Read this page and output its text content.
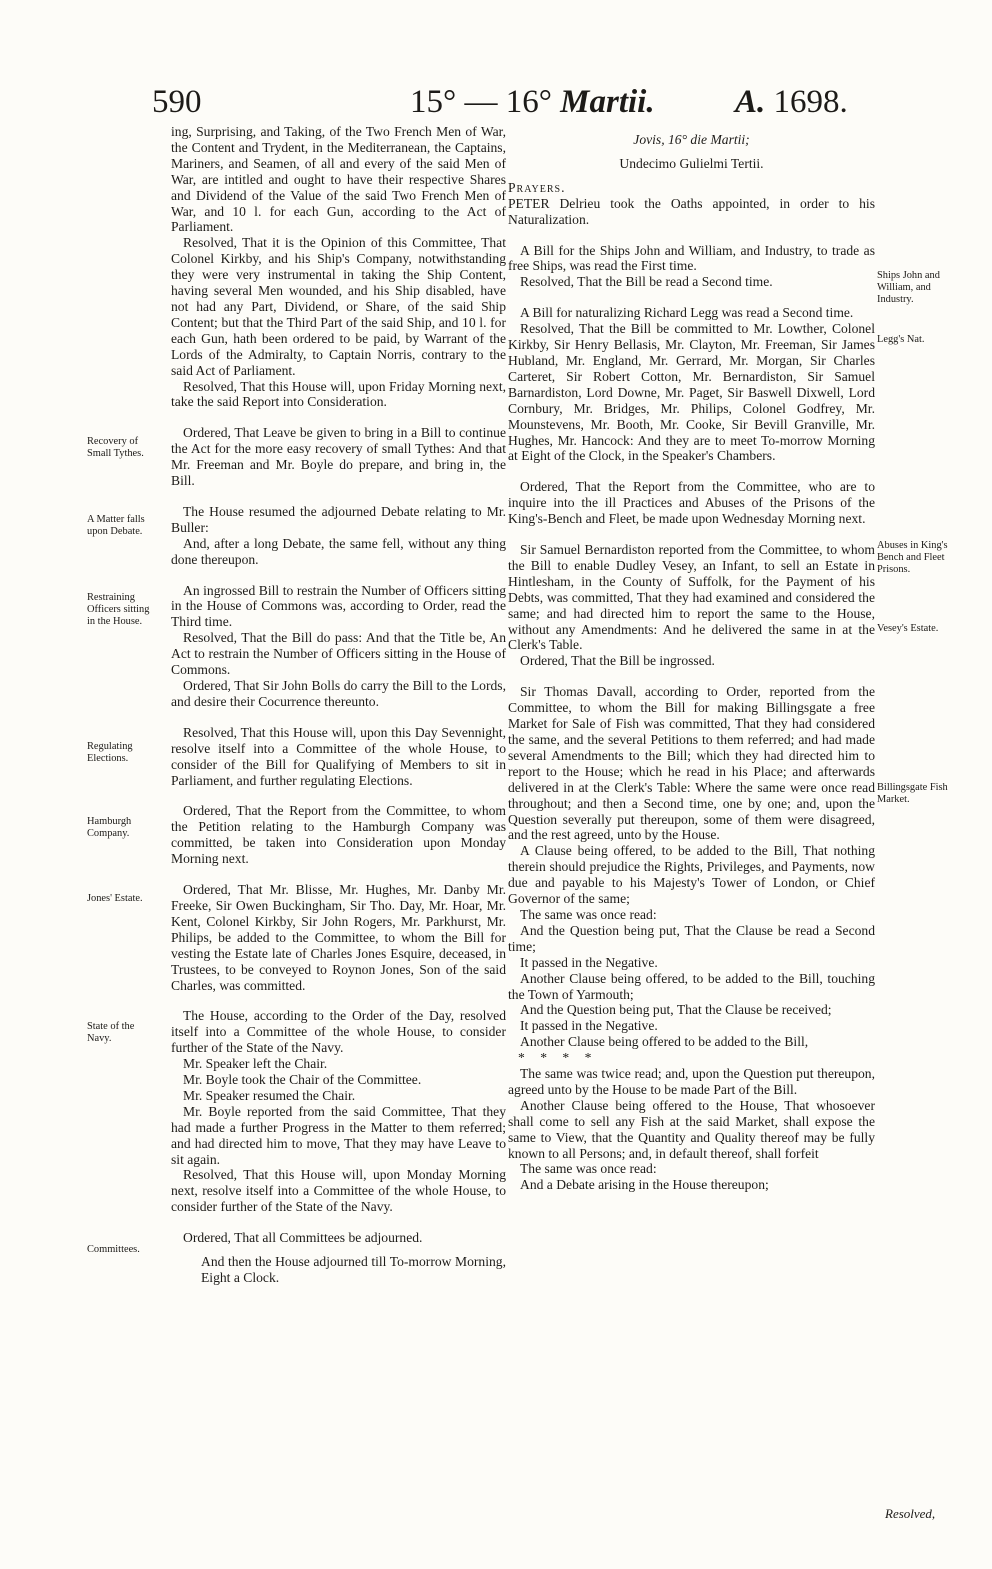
590	15° — 16° Martii. A. 1698.

ing, Surprising, and Taking, of the Two French Men of War, the Content and Trydent, in the Mediterranean, the Captains, Mariners, and Seamen, of all and every of the said Men of War, are intitled and ought to have their respective Shares and Dividend of the Value of the said Two French Men of War, and 10 l. for each Gun, according to the Act of Parliament.

Resolved, That it is the Opinion of this Committee, That Colonel Kirkby, and his Ship's Company, notwithstanding they were very instrumental in taking the Ship Content, having several Men wounded, and his Ship disabled, have not had any Part, Dividend, or Share, of the said Ship Content; but that the Third Part of the said Ship, and 10 l. for each Gun, hath been ordered to be paid, by Warrant of the Lords of the Admiralty, to Captain Norris, contrary to the said Act of Parliament.

Resolved, That this House will, upon Friday Morning next, take the said Report into Consideration.

Ordered, That Leave be given to bring in a Bill to continue the Act for the more easy recovery of small Tythes: And that Mr. Freeman and Mr. Boyle do prepare, and bring in, the Bill.

The House resumed the adjourned Debate relating to Mr. Buller:

And, after a long Debate, the same fell, without any thing done thereupon.

An ingrossed Bill to restrain the Number of Officers sitting in the House of Commons was, according to Order, read the Third time.

Resolved, That the Bill do pass: And that the Title be, An Act to restrain the Number of Officers sitting in the House of Commons.

Ordered, That Sir John Bolls do carry the Bill to the Lords, and desire their Cocurrence thereunto.

Resolved, That this House will, upon this Day Sevennight, resolve itself into a Committee of the whole House, to consider of the Bill for Qualifying of Members to sit in Parliament, and further regulating Elections.

Ordered, That the Report from the Committee, to whom the Petition relating to the Hamburgh Company was committed, be taken into Consideration upon Monday Morning next.

Ordered, That Mr. Blisse, Mr. Hughes, Mr. Danby Mr. Freeke, Sir Owen Buckingham, Sir Tho. Day, Mr. Hoar, Mr. Kent, Colonel Kirkby, Sir John Rogers, Mr. Parkhurst, Mr. Philips, be added to the Committee, to whom the Bill for vesting the Estate late of Charles Jones Esquire, deceased, in Trustees, to be conveyed to Roynon Jones, Son of the said Charles, was committed.

The House, according to the Order of the Day, resolved itself into a Committee of the whole House, to consider further of the State of the Navy.

Mr. Speaker left the Chair.

Mr. Boyle took the Chair of the Committee.

Mr. Speaker resumed the Chair.

Mr. Boyle reported from the said Committee, That they had made a further Progress in the Matter to them referred; and had directed him to move, That they may have Leave to sit again.

Resolved, That this House will, upon Monday Morning next, resolve itself into a Committee of the whole House, to consider further of the State of the Navy.

Ordered, That all Committees be adjourned.

And then the House adjourned till To-morrow Morning, Eight a Clock.

Jovis, 16° die Martii;

Undecimo Gulielmi Tertii.

Prayers.

PETER Delrieu took the Oaths appointed, in order to his Naturalization.

A Bill for the Ships John and William, and Industry, to trade as free Ships, was read the First time.

Resolved, That the Bill be read a Second time.

A Bill for naturalizing Richard Legg was read a Second time.

Resolved, That the Bill be committed to Mr. Lowther, Colonel Kirkby, Sir Henry Bellasis, Mr. Clayton, Mr. Freeman, Sir James Hubland, Mr. England, Mr. Gerrard, Mr. Morgan, Sir Charles Carteret, Sir Robert Cotton, Mr. Bernardiston, Sir Samuel Barnardiston, Lord Downe, Mr. Paget, Sir Baswell Dixwell, Lord Cornbury, Mr. Bridges, Mr. Philips, Colonel Godfrey, Mr. Mounstevens, Mr. Booth, Mr. Cooke, Sir Bevill Granville, Mr. Hughes, Mr. Hancock: And they are to meet To-morrow Morning at Eight of the Clock, in the Speaker's Chambers.

Ordered, That the Report from the Committee, who are to inquire into the ill Practices and Abuses of the Prisons of the King's-Bench and Fleet, be made upon Wednesday Morning next.

Sir Samuel Bernardiston reported from the Committee, to whom the Bill to enable Dudley Vesey, an Infant, to sell an Estate in Hintlesham, in the County of Suffolk, for the Payment of his Debts, was committed, That they had examined and considered the same; and had directed him to report the same to the House, without any Amendments: And he delivered the same in at the Clerk's Table.

Ordered, That the Bill be ingrossed.

Sir Thomas Davall, according to Order, reported from the Committee, to whom the Bill for making Billingsgate a free Market for Sale of Fish was committed, That they had considered the same, and the several Petitions to them referred; and had made several Amendments to the Bill; which they had directed him to report to the House; which he read in his Place; and afterwards delivered in at the Clerk's Table: Where the same were once read throughout; and then a Second time, one by one; and, upon the Question severally put thereupon, some of them were disagreed, and the rest agreed, unto by the House.

A Clause being offered, to be added to the Bill, That nothing therein should prejudice the Rights, Privileges, and Payments, now due and payable to his Majesty's Tower of London, or Chief Governor of the same;

The same was once read:

And the Question being put, That the Clause be read a Second time;

It passed in the Negative.

Another Clause being offered, to be added to the Bill, touching the Town of Yarmouth;

And the Question being put, That the Clause be received;

It passed in the Negative.

Another Clause being offered to be added to the Bill,

* * * *

The same was twice read; and, upon the Question put thereupon, agreed unto by the House to be made Part of the Bill.

Another Clause being offered to the House, That whosoever shall come to sell any Fish at the said Market, shall expose the same to View, that the Quantity and Quality thereof may be fully known to all Persons; and, in default thereof, shall forfeit

The same was once read:

And a Debate arising in the House thereupon;

Recovery of Small Tythes.
A Matter falls upon Debate.
Restraining Officers sitting in the House.
Regulating Elections.
Hamburgh Company.
Jones' Estate.
State of the Navy.
Committees.
Ships John and William, and Industry.
Legg's Nat.
Abuses in King's Bench and Fleet Prisons.
Vesey's Estate.
Billingsgate Fish Market.
Resolved,
